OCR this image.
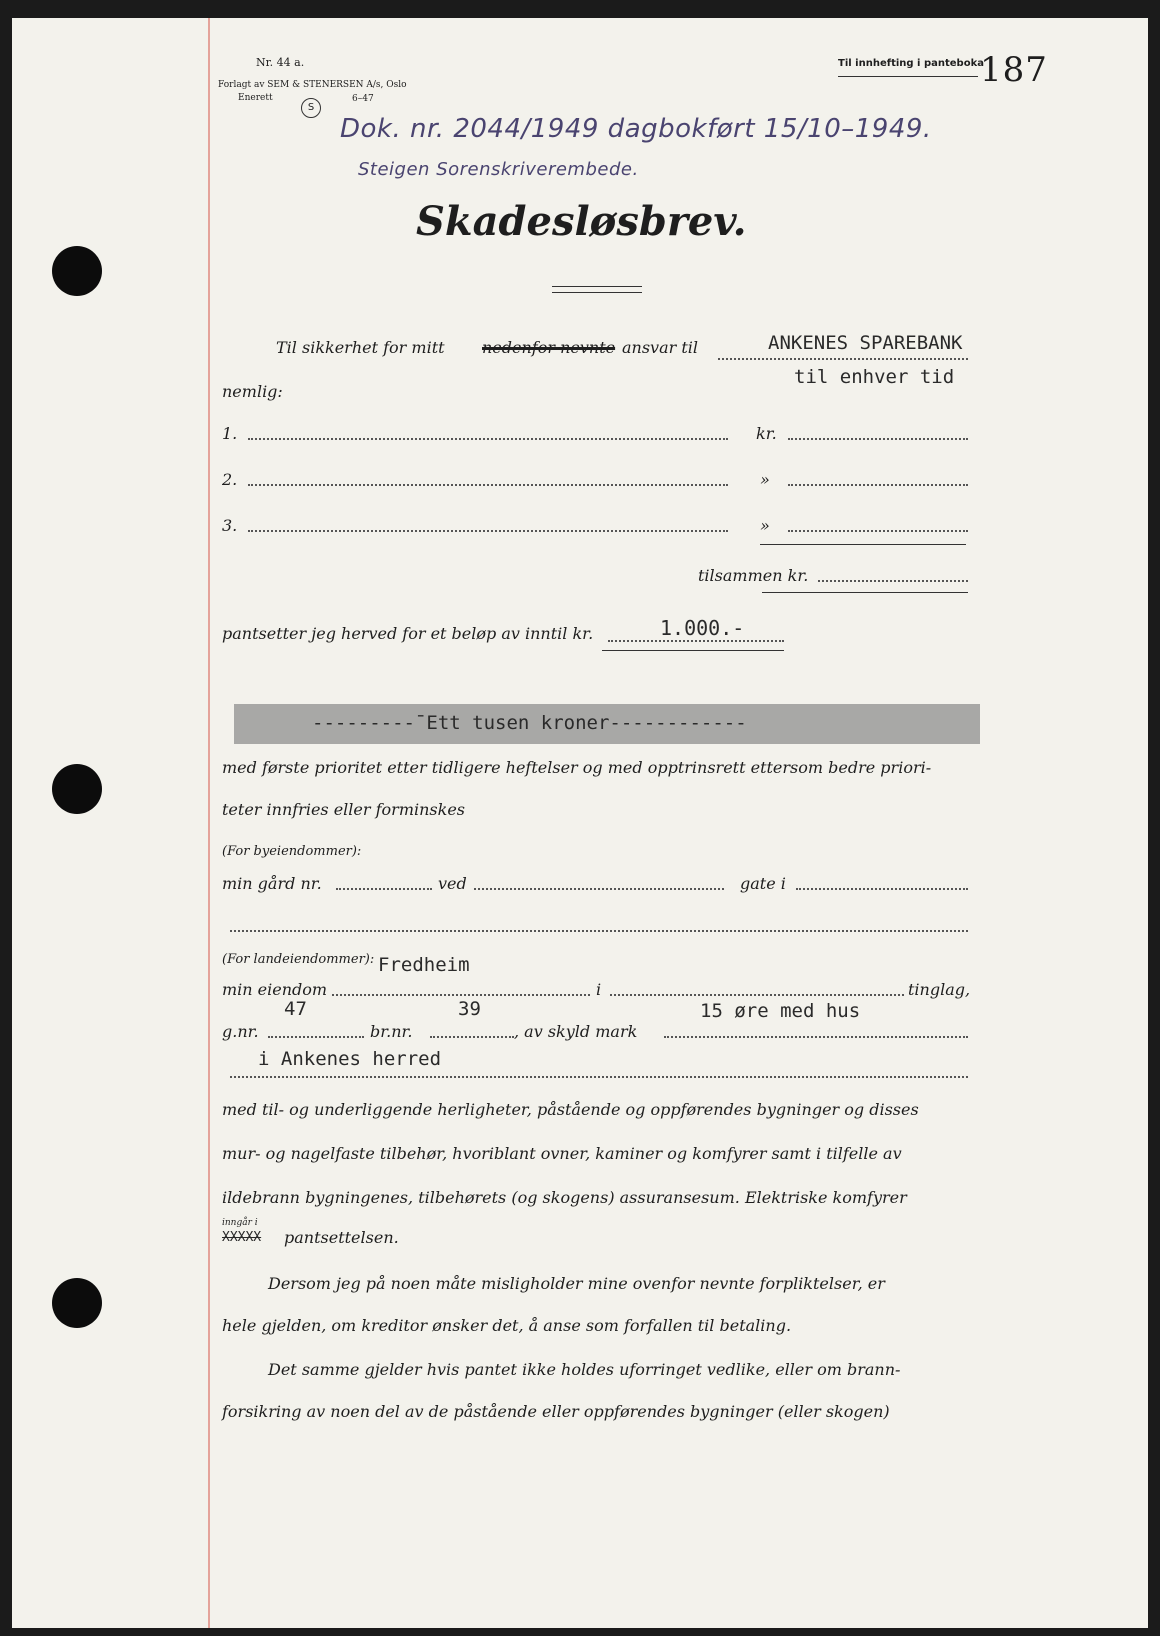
Nr. 44 a.
Forlagt av SEM & STENERSEN A/s, Oslo
Enerett
S
6–47
Til innhefting i panteboka
187
Dok. nr. 2044/1949 dagbokført 15/10–1949.
Steigen Sorenskriverembede.
Skadesløsbrev.
Til sikkerhet for mitt nedenfor nevnte ansvar til	ANKENES SPAREBANK
til enhver tid
nemlig:
1.	kr.
2.	»
3.	»
tilsammen kr.
pantsetter jeg herved for et beløp av inntil kr.	1.000.-
---------¯Ett tusen kroner------------
med første prioritet etter tidligere heftelser og med opptrinsrett ettersom bedre priori-
teter innfries eller forminskes
(For byeiendommer):
min gård nr.	ved	gate i
(For landeiendommer):
min eiendom
Fredheim
i	tinglag,
g.nr.
47
br.nr.
39
, av skyld mark
15 øre med hus
i Ankenes herred
med til- og underliggende herligheter, påstående og oppførendes bygninger og disses
mur- og nagelfaste tilbehør, hvoriblant ovner, kaminer og komfyrer samt i tilfelle av
ildebrann bygningenes, tilbehørets (og skogens) assuransesum. Elektriske komfyrer
inngår i
XXXXX pantsettelsen.
Dersom jeg på noen måte misligholder mine ovenfor nevnte forpliktelser, er
hele gjelden, om kreditor ønsker det, å anse som forfallen til betaling.
Det samme gjelder hvis pantet ikke holdes uforringet vedlike, eller om brann-
forsikring av noen del av de påstående eller oppførendes bygninger (eller skogen)
